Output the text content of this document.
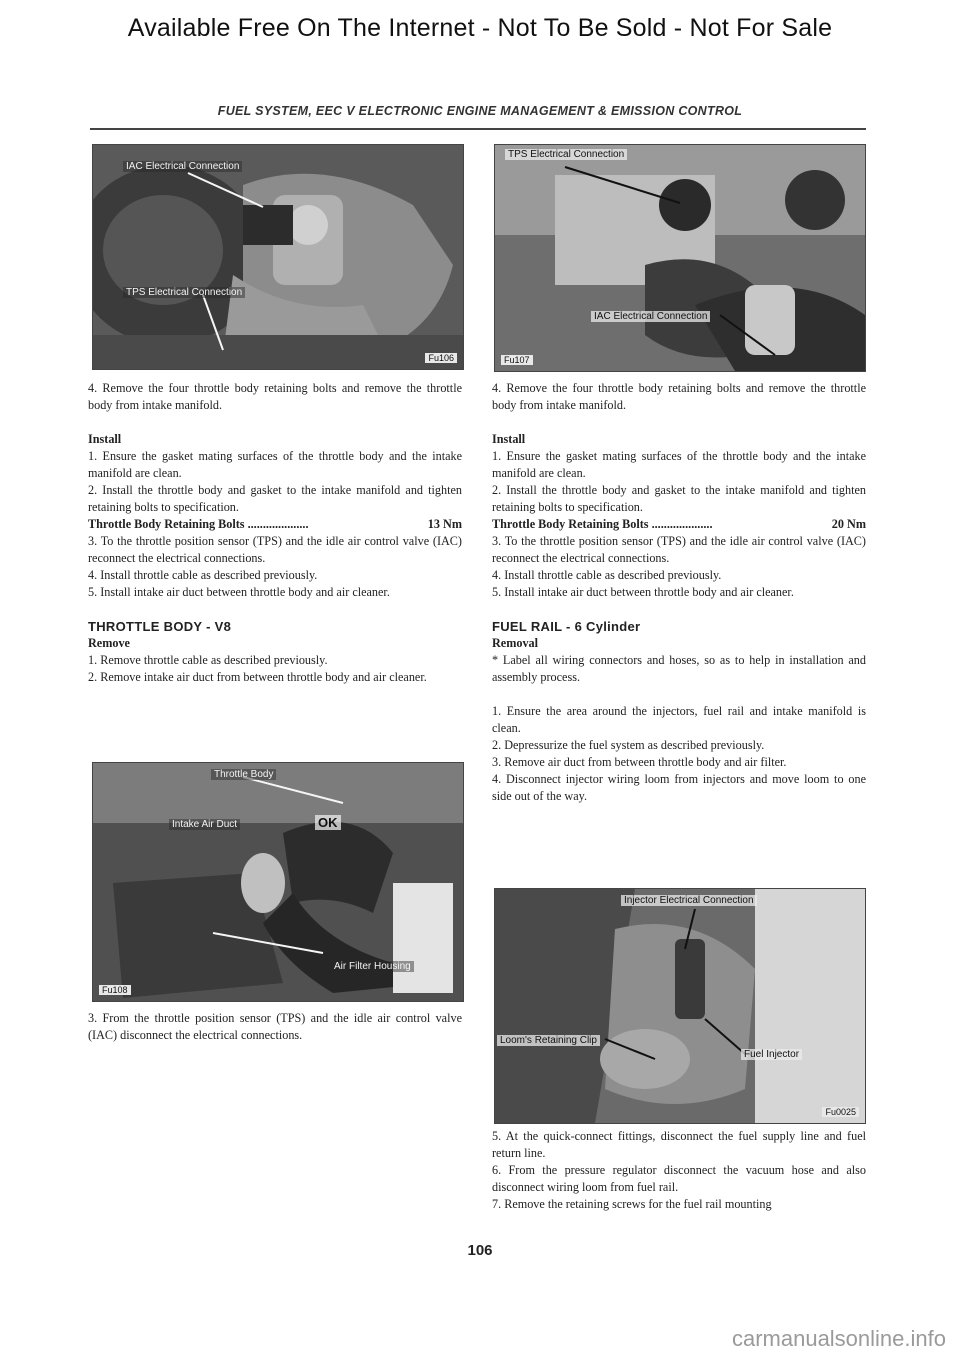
Available Free On The Internet - Not To Be Sold - Not For Sale
FUEL SYSTEM, EEC V ELECTRONIC ENGINE MANAGEMENT & EMISSION CONTROL
IAC Electrical Connection
TPS Electrical Connection
Fu106
TPS Electrical Connection
IAC Electrical Connection
Fu107

4. Remove the four throttle body retaining bolts and remove the throttle body from intake manifold.

Install

1. Ensure the gasket mating surfaces of the throttle body and the intake manifold are clean.

2. Install the throttle body and gasket to the intake manifold and tighten retaining bolts to specification.

Throttle Body Retaining Bolts ....................	13 Nm

3. To the throttle position sensor (TPS) and the idle air control valve (IAC) reconnect the electrical connections.

4. Install throttle cable as described previously.

5. Install intake air duct between throttle body and air cleaner.

THROTTLE BODY - V8

Remove

1. Remove throttle cable as described previously.

2. Remove intake air duct from between throttle body and air cleaner.

Throttle Body
Intake Air Duct	OK
Air Filter Housing
Fu108

3. From the throttle position sensor (TPS) and the idle air control valve (IAC) disconnect the electrical connections.

4. Remove the four throttle body retaining bolts and remove the throttle body from intake manifold.

Install

1. Ensure the gasket mating surfaces of the throttle body and the intake manifold are clean.

2. Install the throttle body and gasket to the intake manifold and tighten retaining bolts to specification.

Throttle Body Retaining Bolts ....................	20 Nm

3. To the throttle position sensor (TPS) and the idle air control valve (IAC) reconnect the electrical connections.

4. Install throttle cable as described previously.

5. Install intake air duct between throttle body and air cleaner.

FUEL RAIL - 6 Cylinder

Removal

* Label all wiring connectors and hoses, so as to help in installation and assembly process.

1. Ensure the area around the injectors, fuel rail and intake manifold is clean.

2. Depressurize the fuel system as described previously.

3. Remove air duct from between throttle body and air filter.

4. Disconnect injector wiring loom from injectors and move loom to one side out of the way.

Injector Electrical Connection
Loom's Retaining Clip
Fuel Injector
Fu0025

5. At the quick-connect fittings, disconnect the fuel supply line and fuel return line.

6. From the pressure regulator disconnect the vacuum hose and also disconnect wiring loom from fuel rail.

7. Remove the retaining screws for the fuel rail mounting

106
carmanualsonline.info
